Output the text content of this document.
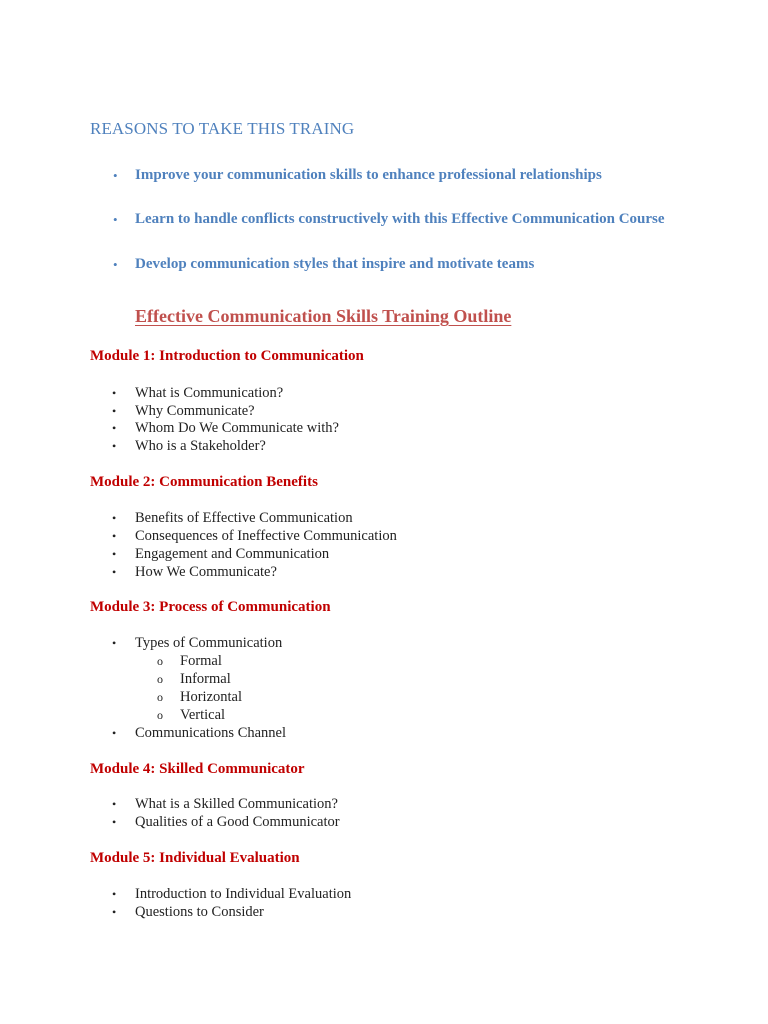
REASONS TO TAKE THIS TRAING
• Improve your communication skills to enhance professional relationships
• Learn to handle conflicts constructively with this Effective Communication Course
• Develop communication styles that inspire and motivate teams
Effective Communication Skills Training Outline
Module 1: Introduction to Communication
• What is Communication?
• Why Communicate?
• Whom Do We Communicate with?
• Who is a Stakeholder?
Module 2: Communication Benefits
• Benefits of Effective Communication
• Consequences of Ineffective Communication
• Engagement and Communication
• How We Communicate?
Module 3: Process of Communication
• Types of Communication
o Formal
o Informal
o Horizontal
o Vertical
• Communications Channel
Module 4: Skilled Communicator
• What is a Skilled Communication?
• Qualities of a Good Communicator
Module 5: Individual Evaluation
• Introduction to Individual Evaluation
• Questions to Consider
